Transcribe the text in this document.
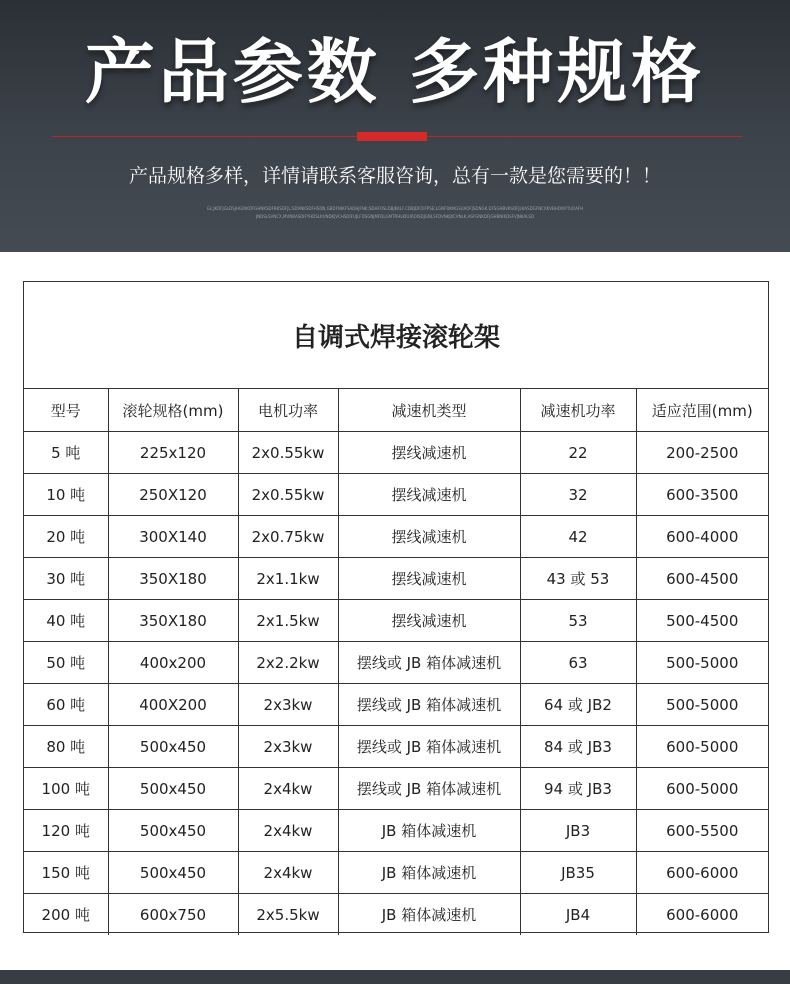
产品参数 多种规格
产品规格多样，详情请联系客服咨询，总有一款是您需要的！！
GL;JKDFJGLDSJHGOIKDFGHNKSDFBKSDFJL;SDVNKSDFHSDN,GBDFNIKFSADHJFNK;SDHFOSLDBJKKLF.CDBJDFOIFPSE;LGNFDKNGSUAOFJSDNGK,DFSGHBVKSDFJLKASDGFNCXKVBHOXIFYUOAFH
JNDSLSVNCX,MVNBASDIFYHDSLKVNDKJVCHSDIFUJLFDSGNJMFDLGMTRHLKRUROISDJGNLSFDVNKJXCVNLK,ASFGNKDFJGHBNIKDSFVJNKALSD
自调式焊接滚轮架
型号	滚轮规格(mm)	电机功率	减速机类型	减速机功率	适应范围(mm)
5 吨	225x120	2x0.55kw	摆线减速机	22	200-2500
10 吨	250X120	2x0.55kw	摆线减速机	32	600-3500
20 吨	300X140	2x0.75kw	摆线减速机	42	600-4000
30 吨	350X180	2x1.1kw	摆线减速机	43 或 53	600-4500
40 吨	350X180	2x1.5kw	摆线减速机	53	500-4500
50 吨	400x200	2x2.2kw	摆线或 JB 箱体减速机	63	500-5000
60 吨	400X200	2x3kw	摆线或 JB 箱体减速机	64 或 JB2	500-5000
80 吨	500x450	2x3kw	摆线或 JB 箱体减速机	84 或 JB3	600-5000
100 吨	500x450	2x4kw	摆线或 JB 箱体减速机	94 或 JB3	600-5000
120 吨	500x450	2x4kw	JB 箱体减速机	JB3	600-5500
150 吨	500x450	2x4kw	JB 箱体减速机	JB35	600-6000
200 吨	600x750	2x5.5kw	JB 箱体减速机	JB4	600-6000
